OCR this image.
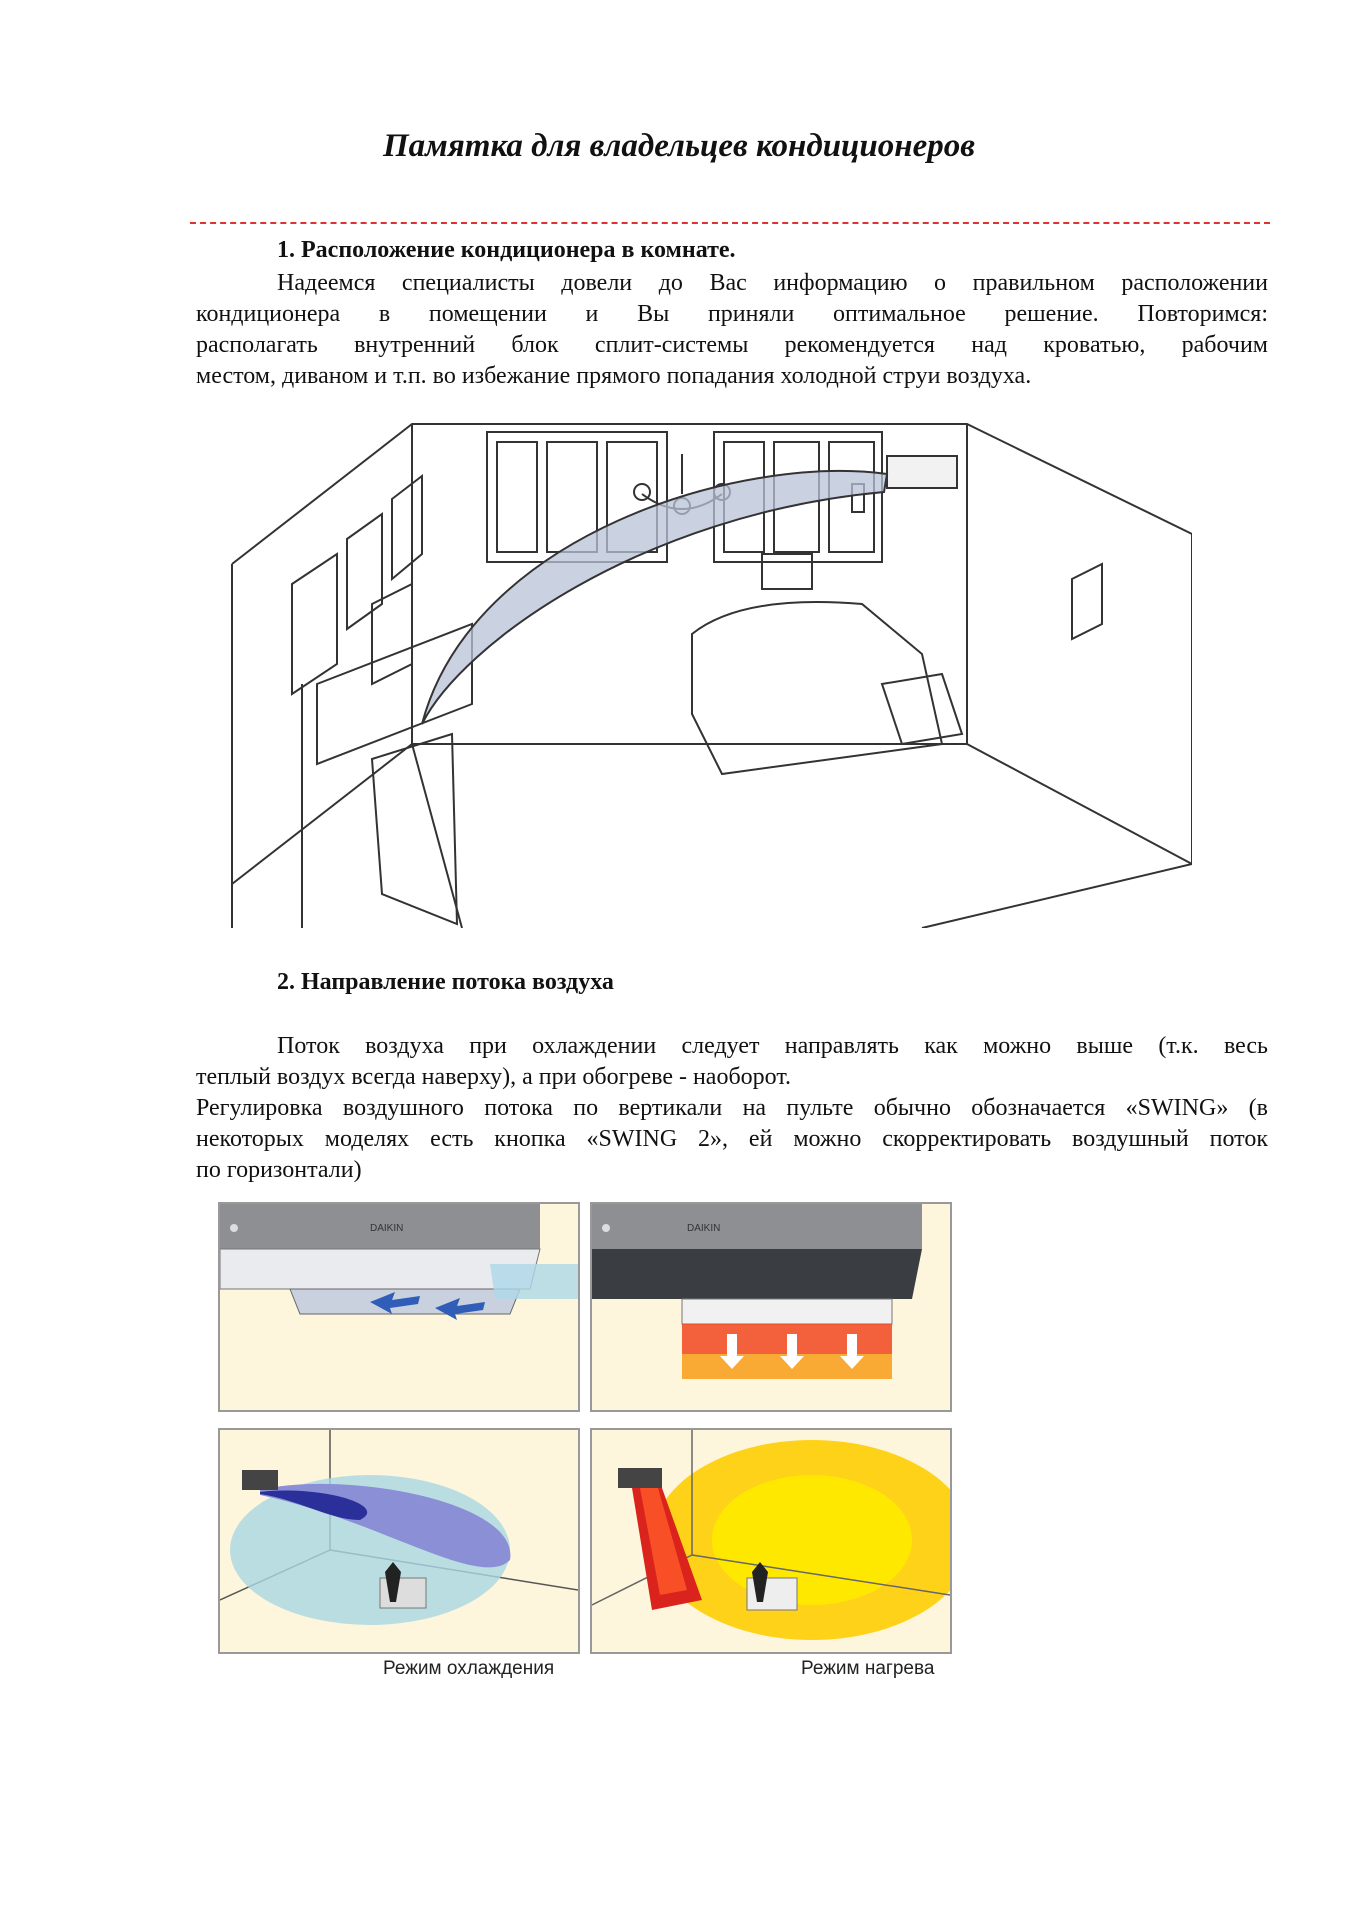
Памятка для владельцев кондиционеров
1. Расположение кондиционера в комнате.
Надеемся специалисты довели до Вас информацию о правильном расположении
кондиционера в помещении и Вы приняли оптимальное решение. Повторимся:
располагать внутренний блок сплит-системы рекомендуется над кроватью, рабочим
местом, диваном и т.п. во избежание прямого попадания холодной струи воздуха.
2. Направление потока воздуха
Поток воздуха при охлаждении следует направлять как можно выше (т.к. весь
теплый воздух всегда наверху), а при обогреве - наоборот.
Регулировка воздушного потока по вертикали на пульте обычно обозначается «SWING» (в
некоторых моделях есть кнопка «SWING 2», ей можно скорректировать воздушный поток
по горизонтали)
DAIKIN	DAIKIN
Режим охлаждения	Режим нагрева
